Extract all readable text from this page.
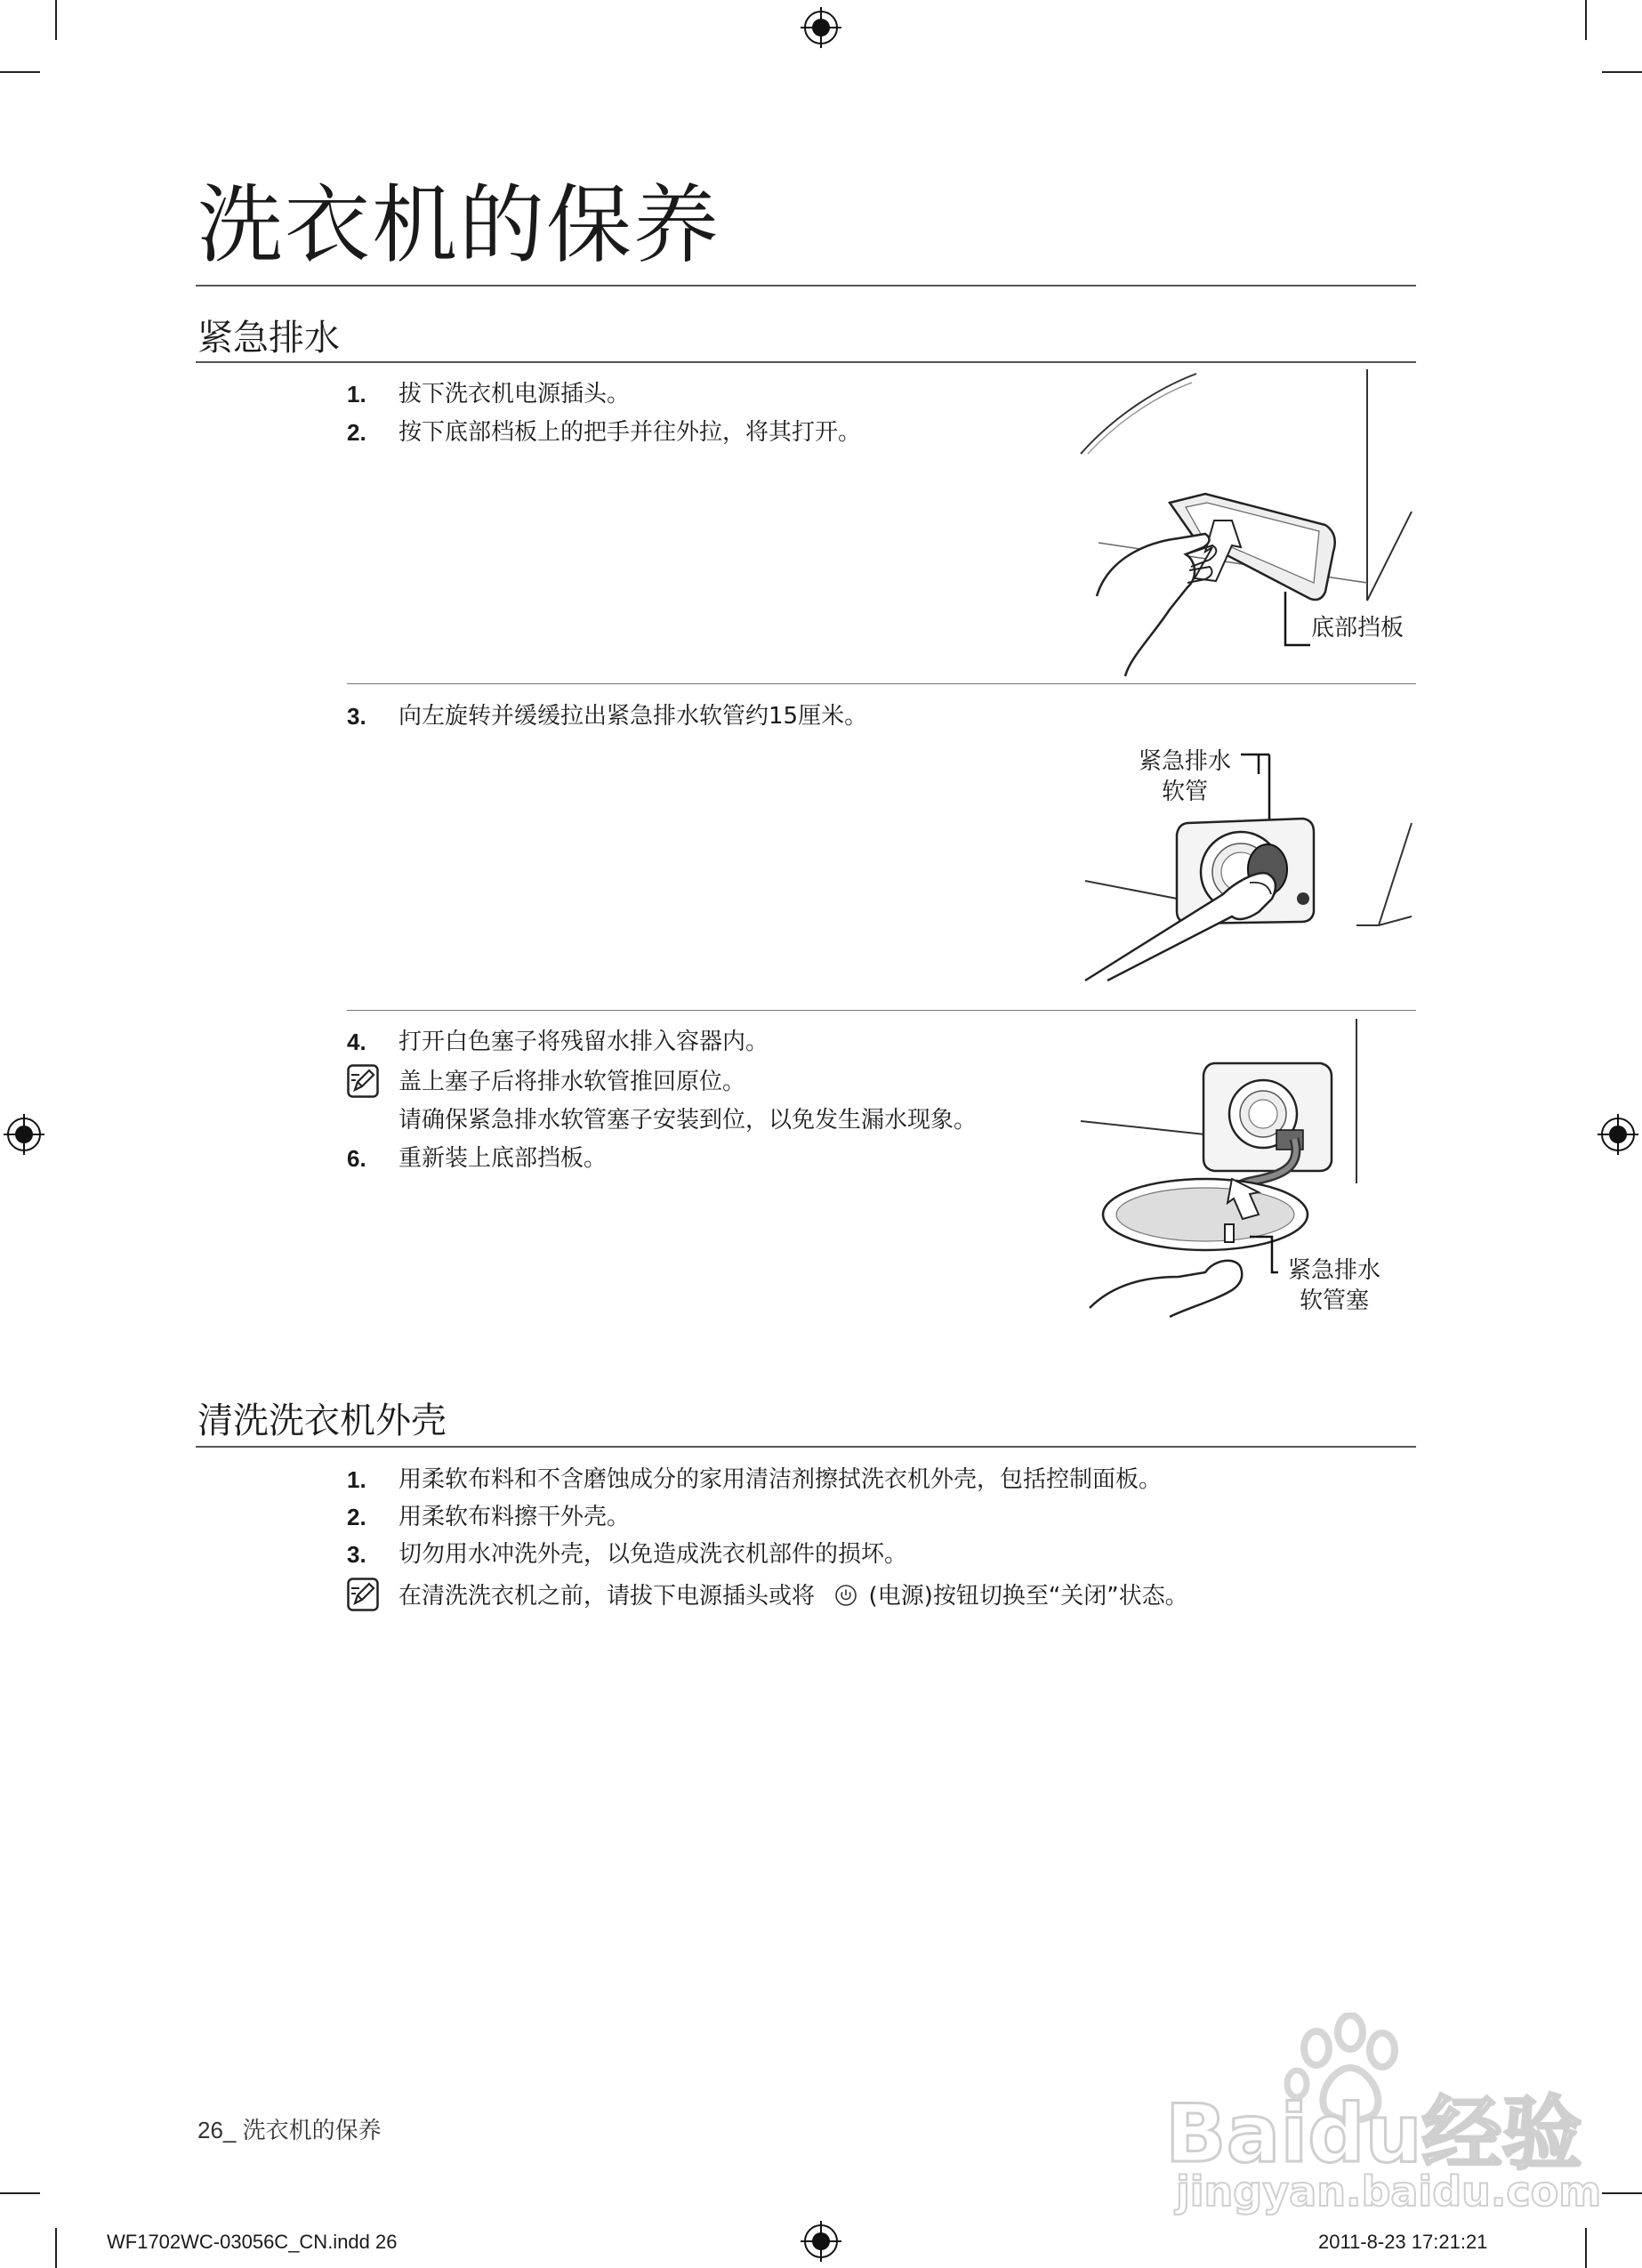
洗衣机的保养
紧急排水
1. 拔下洗衣机电源插头。
2. 按下底部档板上的把手并往外拉，将其打开。
底部挡板
3. 向左旋转并缓缓拉出紧急排水软管约15厘米。
紧急排水
软管
4. 打开白色塞子将残留水排入容器内。
盖上塞子后将排水软管推回原位。
请确保紧急排水软管塞子安装到位，以免发生漏水现象。
6. 重新装上底部挡板。
紧急排水
软管塞
清洗洗衣机外壳
1. 用柔软布料和不含磨蚀成分的家用清洁剂擦拭洗衣机外壳，包括控制面板。
2. 用柔软布料擦干外壳。
3. 切勿用水冲洗外壳，以免造成洗衣机部件的损坏。
在清洗洗衣机之前，请拔下电源插头或将 (电源)按钮切换至“关闭”状态。
26_ 洗衣机的保养
WF1702WC-03056C_CN.indd 26	2011-8-23 17:21:21
Baidu经验
jingyan.baidu.com
